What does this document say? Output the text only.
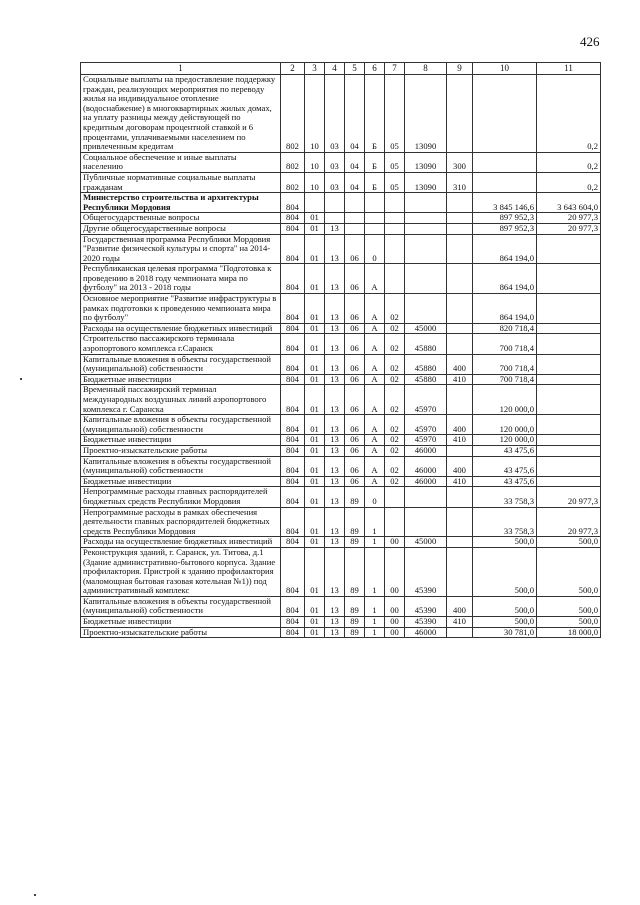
426
1	2	3	4	5	6	7	8	9	10	11
Социальные выплаты на предоставление поддержку граждан, реализующих мероприятия по переводу жилья на индивидуальное отопление (водоснабжение) в многоквартирных жилых домах, на уплату разницы между действующей по кредитным договорам процентной ставкой и 6 процентами, уплачиваемыми населением по привлеченным кредитам	802	10	03	04	Б	05	13090			0,2
Социальное обеспечение и иные выплаты населению	802	10	03	04	Б	05	13090	300		0,2
Публичные нормативные социальные выплаты гражданам	802	10	03	04	Б	05	13090	310		0,2
Министерство строительства и архитектуры Республики Мордовия	804								3 845 146,6	3 643 604,0
Общегосударственные вопросы	804	01							897 952,3	20 977,3
Другие общегосударственные вопросы	804	01	13						897 952,3	20 977,3
Государственная программа Республики Мордовия "Развитие физической культуры и спорта" на 2014-2020 годы	804	01	13	06	0				864 194,0	
Республиканская целевая программа "Подготовка к проведению в 2018 году чемпионата мира по футболу" на 2013 - 2018 годы	804	01	13	06	А				864 194,0	
Основное мероприятие "Развитие инфраструктуры в рамках подготовки к проведению чемпионата мира по футболу"	804	01	13	06	А	02			864 194,0	
Расходы на осуществление бюджетных инвестиций	804	01	13	06	А	02	45000		820 718,4	
Строительство пассажирского терминала аэропортового комплекса г.Саранск	804	01	13	06	А	02	45880		700 718,4	
Капитальные вложения в объекты государственной (муниципальной) собственности	804	01	13	06	А	02	45880	400	700 718,4	
Бюджетные инвестиции	804	01	13	06	А	02	45880	410	700 718,4	
Временный пассажирский терминал международных воздушных линий аэропортового комплекса г. Саранска	804	01	13	06	А	02	45970		120 000,0	
Капитальные вложения в объекты государственной (муниципальной) собственности	804	01	13	06	А	02	45970	400	120 000,0	
Бюджетные инвестиции	804	01	13	06	А	02	45970	410	120 000,0	
Проектно-изыскательские работы	804	01	13	06	А	02	46000		43 475,6	
Капитальные вложения в объекты государственной (муниципальной) собственности	804	01	13	06	А	02	46000	400	43 475,6	
Бюджетные инвестиции	804	01	13	06	А	02	46000	410	43 475,6	
Непрограммные расходы главных распорядителей бюджетных средств Республики Мордовия	804	01	13	89	0				33 758,3	20 977,3
Непрограммные расходы в рамках обеспечения деятельности главных распорядителей бюджетных средств Республики Мордовия	804	01	13	89	1				33 758,3	20 977,3
Расходы на осуществление бюджетных инвестиций	804	01	13	89	1	00	45000		500,0	500,0
Реконструкция зданий, г. Саранск, ул. Титова, д.1 (Здание административно-бытового корпуса. Здание профилактория. Пристрой к зданию профилактория (маломощная бытовая газовая котельная №1)) под административный комплекс	804	01	13	89	1	00	45390		500,0	500,0
Капитальные вложения в объекты государственной (муниципальной) собственности	804	01	13	89	1	00	45390	400	500,0	500,0
Бюджетные инвестиции	804	01	13	89	1	00	45390	410	500,0	500,0
Проектно-изыскательские работы	804	01	13	89	1	00	46000		30 781,0	18 000,0
